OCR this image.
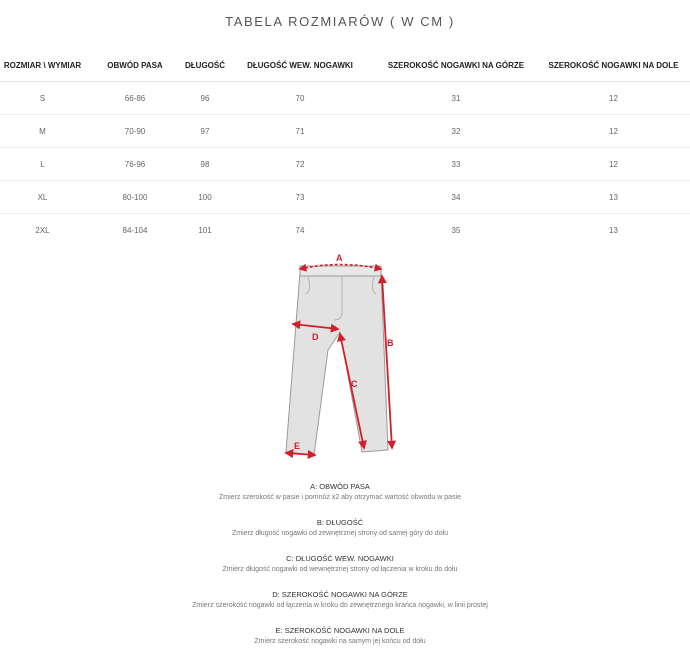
TABELA ROZMIARÓW ( W CM )
ROZMIAR \ WYMIAR	OBWÓD PASA	DŁUGOŚĆ	DŁUGOŚĆ WEW. NOGAWKI	SZEROKOŚĆ NOGAWKI NA GÓRZE	SZEROKOŚĆ NOGAWKI NA DOLE
S	66-86	96	70	31	12
M	70-90	97	71	32	12
L	76-96	98	72	33	12
XL	80-100	100	73	34	13
2XL	84-104	101	74	35	13
A
B
C
D
E
A: OBWÓD PASA
Zmierz szerokość w pasie i pomnóż x2 aby otrzymać wartość obwodu w pasie
B: DŁUGOŚĆ
Zmierz długość nogawki od zewnętrznej strony od samej góry do dołu
C: DŁUGOŚĆ WEW. NOGAWKI
Zmierz długość nogawki od wewnętrznej strony od łączenia w kroku do dołu
D: SZEROKOŚĆ NOGAWKI NA GÓRZE
Zmierz szerokość nogawki od łączenia w kroku do zewnętrznego krańca nogawki, w linii prostej
E: SZEROKOŚĆ NOGAWKI NA DOLE
Zmierz szerokość nogawki na samym jej końcu od dołu
